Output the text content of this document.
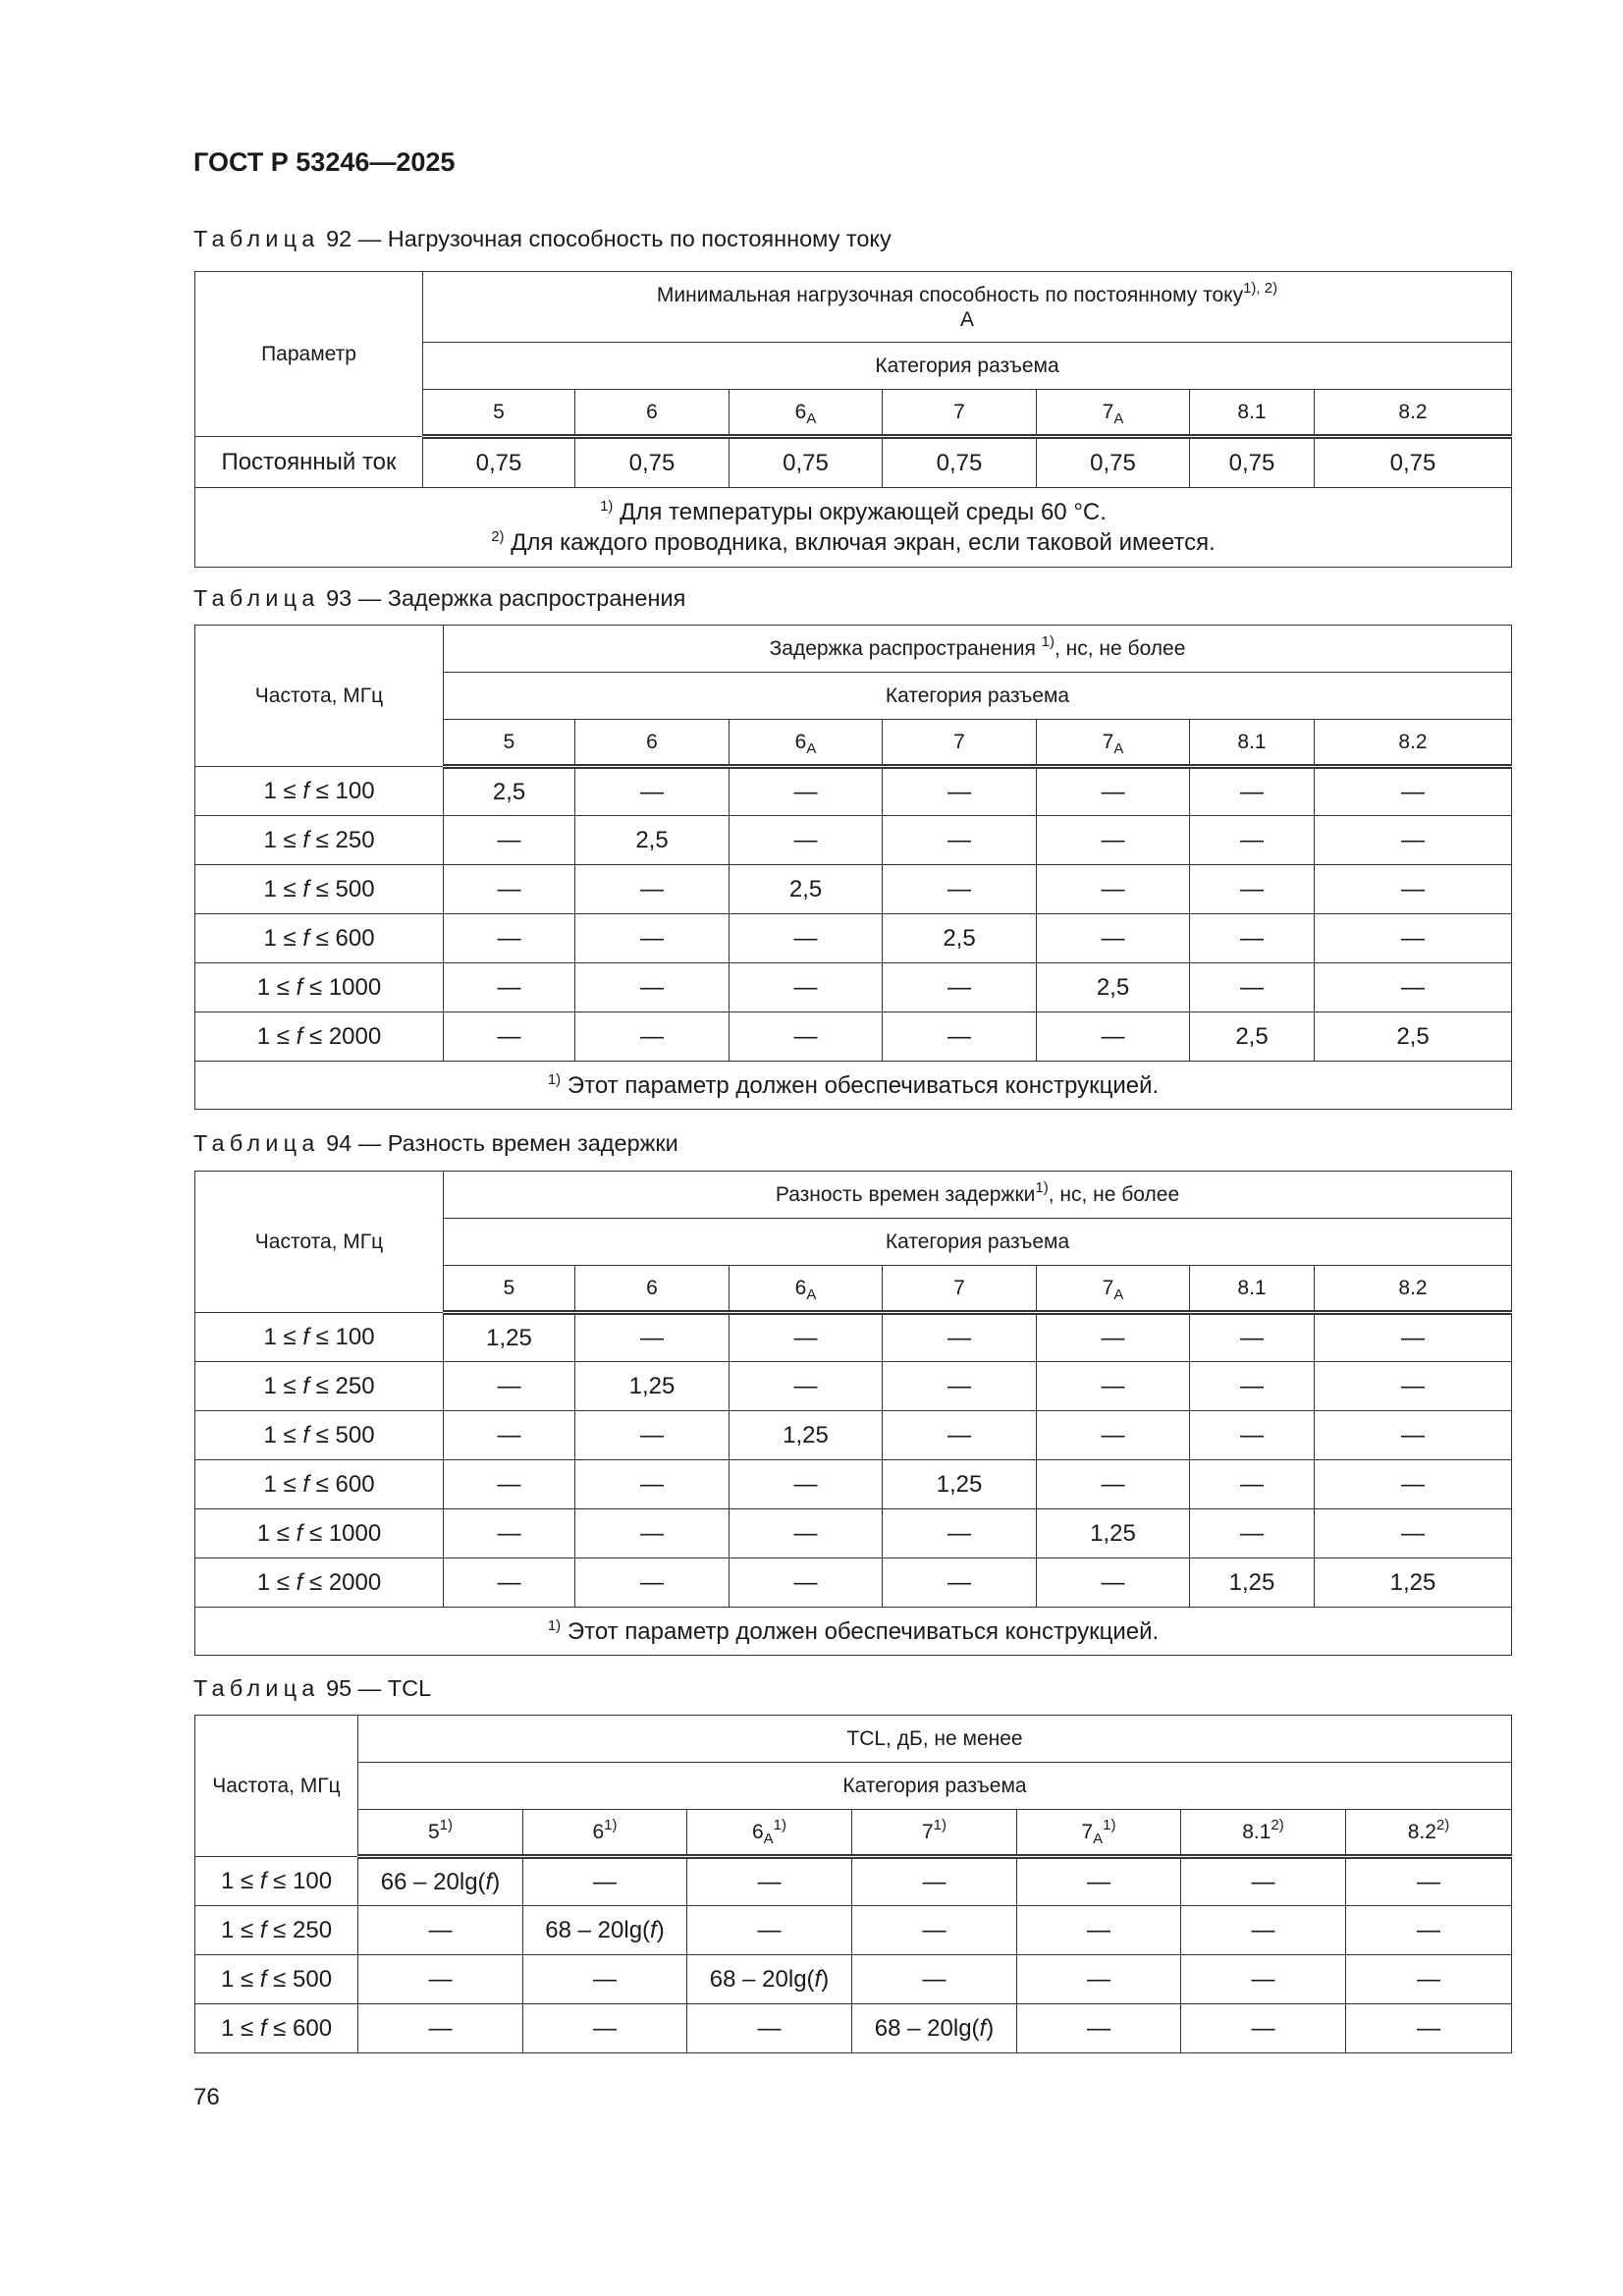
ГОСТ Р 53246—2025
Таблица 92 — Нагрузочная способность по постоянному току
Параметр	Минимальная нагрузочная способность по постоянному току$^{1), 2)}$
А						
	Категория разъема						
	5	6	$6_A$	7	$7_A$	8.1	8.2
Постоянный ток	0,75	0,75	0,75	0,75	0,75	0,75	0,75

$^{1)}$ Для температуры окружающей среды 60 °С.
$^{2)}$ Для каждого проводника, включая экран, если таковой имеется.							
Таблица 93 — Задержка распространения
Частота, МГц	Задержка распространения $^{1)}$, нс, не более						
	Категория разъема						
	5	6	$6_A$	7	$7_A$	8.1	8.2
1 ≤ f ≤ 100	2,5	—	—	—	—	—	—
1 ≤ f ≤ 250	—	2,5	—	—	—	—	—
1 ≤ f ≤ 500	—	—	2,5	—	—	—	—
1 ≤ f ≤ 600	—	—	—	2,5	—	—	—
1 ≤ f ≤ 1000	—	—	—	—	2,5	—	—
1 ≤ f ≤ 2000	—	—	—	—	—	2,5	2,5

$^{1)}$ Этот параметр должен обеспечиваться конструкцией.							
Таблица 94 — Разность времен задержки
Частота, МГц	Разность времен задержки$^{1)}$, нс, не более						
	Категория разъема						
	5	6	$6_A$	7	$7_A$	8.1	8.2
1 ≤ f ≤ 100	1,25	—	—	—	—	—	—
1 ≤ f ≤ 250	—	1,25	—	—	—	—	—
1 ≤ f ≤ 500	—	—	1,25	—	—	—	—
1 ≤ f ≤ 600	—	—	—	1,25	—	—	—
1 ≤ f ≤ 1000	—	—	—	—	1,25	—	—
1 ≤ f ≤ 2000	—	—	—	—	—	1,25	1,25

$^{1)}$ Этот параметр должен обеспечиваться конструкцией.							
Таблица 95 — TCL
Частота, МГц	TCL, дБ, не менее						
	Категория разъема						
	5$^{1)}$	6$^{1)}$	$6_A^{1)}$	7$^{1)}$	$7_A^{1)}$	8.1$^{2)}$	8.2$^{2)}$
1 ≤ f ≤ 100	66 – 20lg(f)	—	—	—	—	—	—
1 ≤ f ≤ 250	—	68 – 20lg(f)	—	—	—	—	—
1 ≤ f ≤ 500	—	—	68 – 20lg(f)	—	—	—	—
1 ≤ f ≤ 600	—	—	—	68 – 20lg(f)	—	—	—
76
